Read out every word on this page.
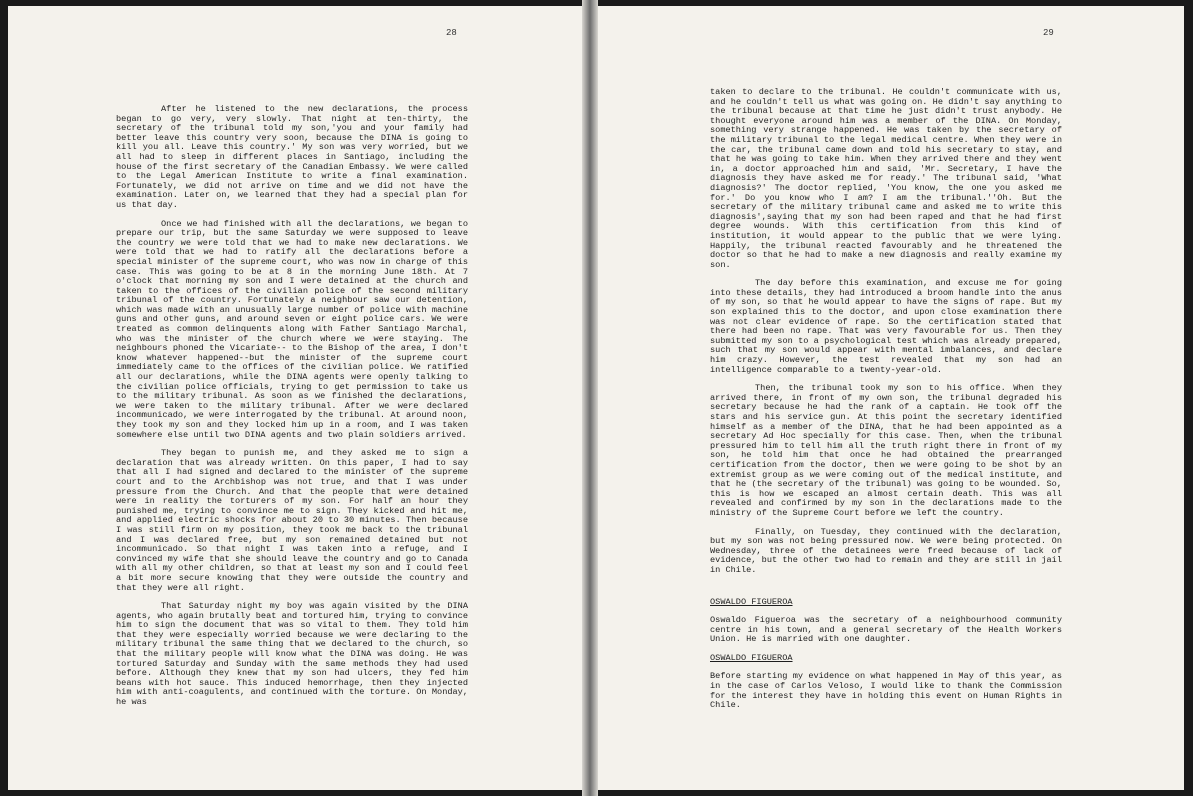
28

After he listened to the new declarations, the process began to go very, very slowly. That night at ten-thirty, the secretary of the tribunal told my son,'you and your family had better leave this country very soon, because the DINA is going to kill you all. Leave this country.' My son was very worried, but we all had to sleep in different places in Santiago, including the house of the first secretary of the Canadian Embassy. We were called to the Legal American Institute to write a final examination. Fortunately, we did not arrive on time and we did not have the examination. Later on, we learned that they had a special plan for us that day.

Once we had finished with all the declarations, we began to prepare our trip, but the same Saturday we were supposed to leave the country we were told that we had to make new declarations. We were told that we had to ratify all the declarations before a special minister of the supreme court, who was now in charge of this case. This was going to be at 8 in the morning June 18th. At 7 o'clock that morning my son and I were detained at the church and taken to the offices of the civilian police of the second military tribunal of the country. Fortunately a neighbour saw our detention, which was made with an unusually large number of police with machine guns and other guns, and around seven or eight police cars. We were treated as common delinquents along with Father Santiago Marchal, who was the minister of the church where we were staying. The neighbours phoned the Vicariate-- to the Bishop of the area, I don't know whatever happened--but the minister of the supreme court immediately came to the offices of the civilian police. We ratified all our declarations, while the DINA agents were openly talking to the civilian police officials, trying to get permission to take us to the military tribunal. As soon as we finished the declarations, we were taken to the military tribunal. After we were declared incommunicado, we were interrogated by the tribunal. At around noon, they took my son and they locked him up in a room, and I was taken somewhere else until two DINA agents and two plain soldiers arrived.

They began to punish me, and they asked me to sign a declaration that was already written. On this paper, I had to say that all I had signed and declared to the minister of the supreme court and to the Archbishop was not true, and that I was under pressure from the Church. And that the people that were detained were in reality the torturers of my son. For half an hour they punished me, trying to convince me to sign. They kicked and hit me, and applied electric shocks for about 20 to 30 minutes. Then because I was still firm on my position, they took me back to the tribunal and I was declared free, but my son remained detained but not incommunicado. So that night I was taken into a refuge, and I convinced my wife that she should leave the country and go to Canada with all my other children, so that at least my son and I could feel a bit more secure knowing that they were outside the country and that they were all right.

That Saturday night my boy was again visited by the DINA agents, who again brutally beat and tortured him, trying to convince him to sign the document that was so vital to them. They told him that they were especially worried because we were declaring to the military tribunal the same thing that we declared to the church, so that the military people will know what the DINA was doing. He was tortured Saturday and Sunday with the same methods they had used before. Although they knew that my son had ulcers, they fed him beans with hot sauce. This induced hemorrhage, then they injected him with anti-coagulents, and continued with the torture. On Monday, he was

29

taken to declare to the tribunal. He couldn't communicate with us, and he couldn't tell us what was going on. He didn't say anything to the tribunal because at that time he just didn't trust anybody. He thought everyone around him was a member of the DINA. On Monday, something very strange happened. He was taken by the secretary of the military tribunal to the legal medical centre. When they were in the car, the tribunal came down and told his secretary to stay, and that he was going to take him. When they arrived there and they went in, a doctor approached him and said, 'Mr. Secretary, I have the diagnosis they have asked me for ready.' The tribunal said, 'What diagnosis?' The doctor replied, 'You know, the one you asked me for.' Do you know who I am? I am the tribunal.''Oh. But the secretary of the military tribunal came and asked me to write this diagnosis',saying that my son had been raped and that he had first degree wounds. With this certification from this kind of institution, it would appear to the public that we were lying. Happily, the tribunal reacted favourably and he threatened the doctor so that he had to make a new diagnosis and really examine my son.

The day before this examination, and excuse me for going into these details, they had introduced a broom handle into the anus of my son, so that he would appear to have the signs of rape. But my son explained this to the doctor, and upon close examination there was not clear evidence of rape. So the certification stated that there had been no rape. That was very favourable for us. Then they submitted my son to a psychological test which was already prepared, such that my son would appear with mental imbalances, and declare him crazy. However, the test revealed that my son had an intelligence comparable to a twenty-year-old.

Then, the tribunal took my son to his office. When they arrived there, in front of my own son, the tribunal degraded his secretary because he had the rank of a captain. He took off the stars and his service gun. At this point the secretary identified himself as a member of the DINA, that he had been appointed as a secretary Ad Hoc specially for this case. Then, when the tribunal pressured him to tell him all the truth right there in front of my son, he told him that once he had obtained the prearranged certification from the doctor, then we were going to be shot by an extremist group as we were coming out of the medical institute, and that he (the secretary of the tribunal) was going to be wounded. So, this is how we escaped an almost certain death. This was all revealed and confirmed by my son in the declarations made to the ministry of the Supreme Court before we left the country.

Finally, on Tuesday, they continued with the declaration, but my son was not being pressured now. We were being protected. On Wednesday, three of the detainees were freed because of lack of evidence, but the other two had to remain and they are still in jail in Chile.

OSWALDO FIGUEROA

Oswaldo Figueroa was the secretary of a neighbourhood community centre in his town, and a general secretary of the Health Workers Union. He is married with one daughter.

OSWALDO FIGUEROA

Before starting my evidence on what happened in May of this year, as in the case of Carlos Veloso, I would like to thank the Commission for the interest they have in holding this event on Human Rights in Chile.
